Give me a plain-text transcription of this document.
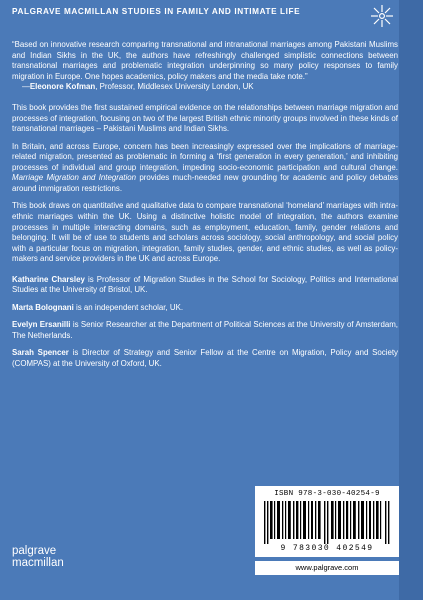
PALGRAVE MACMILLAN STUDIES IN FAMILY AND INTIMATE LIFE

“Based on innovative research comparing transnational and intranational marriages among Pakistani Muslims and Indian Sikhs in the UK, the authors have refreshingly challenged simplistic connections between transnational marriages and problematic integration underpinning so many policy responses to family migration in Europe. One hopes academics, policy makers and the media take note.”

—Eleonore Kofman, Professor, Middlesex University London, UK

This book provides the first sustained empirical evidence on the relationships between marriage migration and processes of integration, focusing on two of the largest British ethnic minority groups involved in these kinds of transnational marriages – Pakistani Muslims and Indian Sikhs.

In Britain, and across Europe, concern has been increasingly expressed over the implications of marriage-related migration, presented as problematic in forming a ‘first generation in every generation,’ and inhibiting processes of individual and group integration, impeding socio-economic participation and cultural change. Marriage Migration and Integration provides much-needed new grounding for academic and policy debates around immigration restrictions.

This book draws on quantitative and qualitative data to compare transnational ‘homeland’ marriages with intra-ethnic marriages within the UK. Using a distinctive holistic model of integration, the authors examine processes in multiple interacting domains, such as employment, education, family, gender relations and belonging. It will be of use to students and scholars across sociology, social anthropology, and social policy with a particular focus on migration, integration, family studies, gender, and ethnic studies, as well as policy-makers and service providers in the UK and across Europe.

Katharine Charsley is Professor of Migration Studies in the School for Sociology, Politics and International Studies at the University of Bristol, UK.

Marta Bolognani is an independent scholar, UK.

Evelyn Ersanilli is Senior Researcher at the Department of Political Sciences at the University of Amsterdam, The Netherlands.

Sarah Spencer is Director of Strategy and Senior Fellow at the Centre on Migration, Policy and Society (COMPAS) at the University of Oxford, UK.

ISBN 978-3-030-40254-9
9 783030 402549
palgrave
macmillan	www.palgrave.com
